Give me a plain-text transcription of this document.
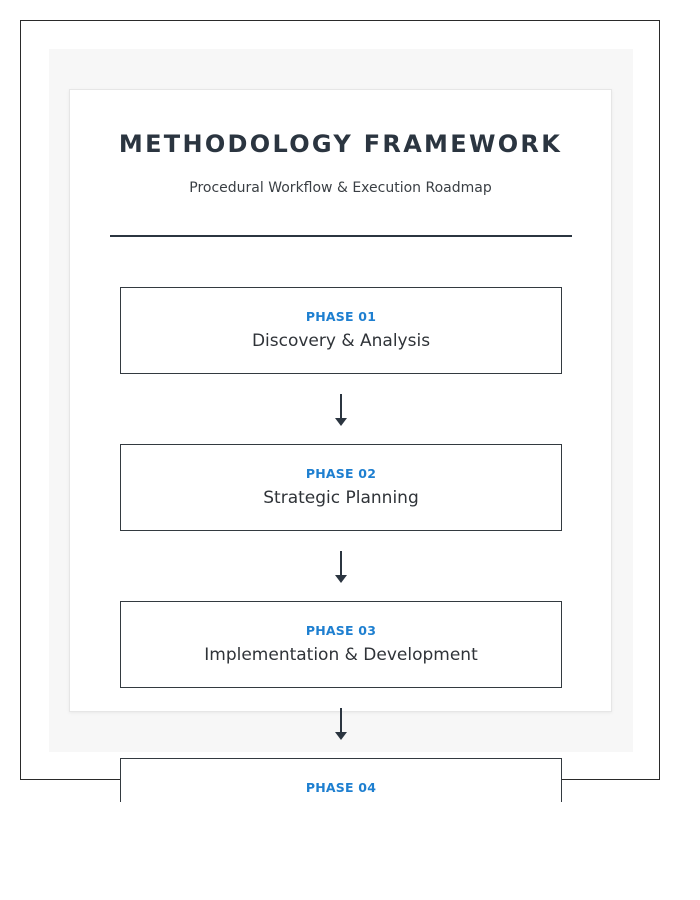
METHODOLOGY FRAMEWORK
Procedural Workflow & Execution Roadmap
PHASE 01
Discovery & Analysis
PHASE 02
Strategic Planning
PHASE 03
Implementation & Development
PHASE 04
